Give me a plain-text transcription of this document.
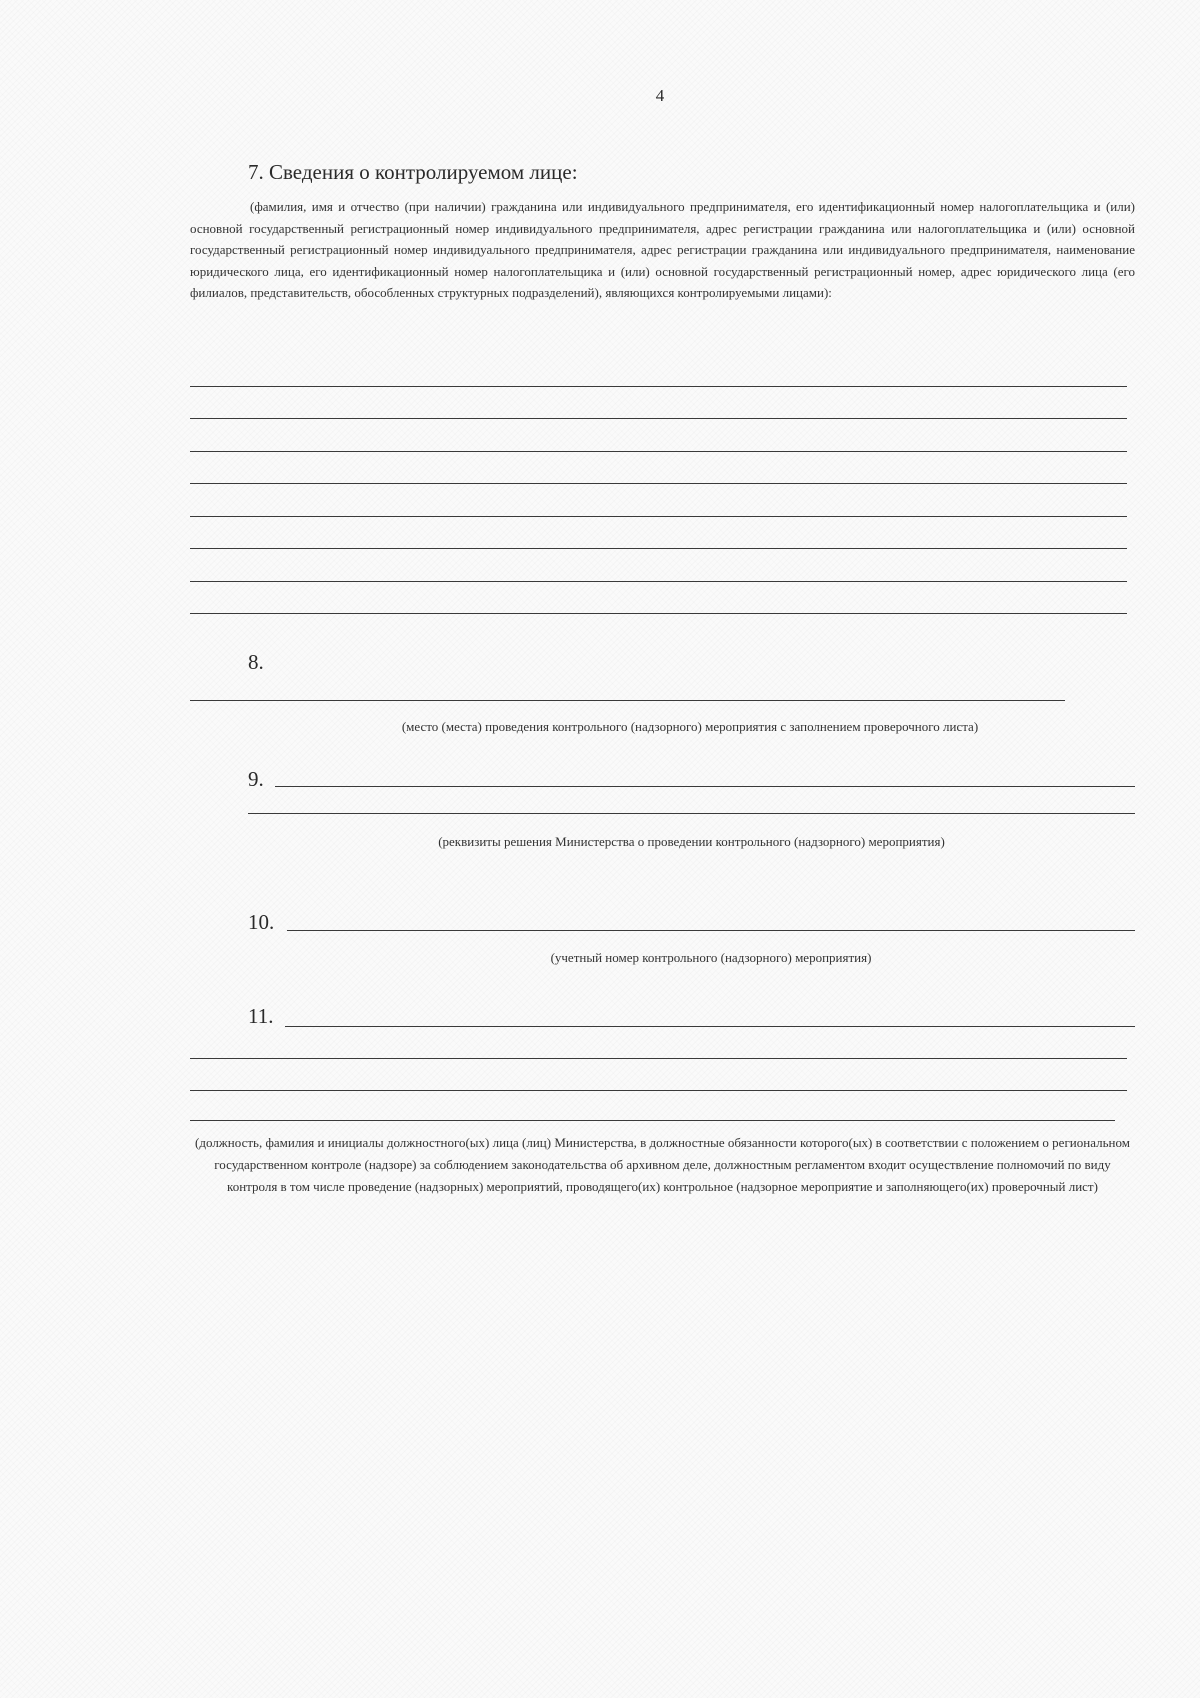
4
7. Сведения о контролируемом лице:
(фамилия, имя и отчество (при наличии) гражданина или индивидуального предпринимателя, его идентификационный номер налогоплательщика и (или) основной государственный регистрационный номер индивидуального предпринимателя, адрес регистрации гражданина или налогоплательщика и (или) основной государственный регистрационный номер индивидуального предпринимателя, адрес регистрации гражданина или индивидуального предпринимателя, наименование юридического лица, его идентификационный номер налогоплательщика и (или) основной государственный регистрационный номер, адрес юридического лица (его филиалов, представительств, обособленных структурных подразделений), являющихся контролируемыми лицами):
8.
(место (места) проведения контрольного (надзорного) мероприятия с заполнением проверочного листа)
9.
(реквизиты решения Министерства о проведении контрольного (надзорного) мероприятия)
10.
(учетный номер контрольного (надзорного) мероприятия)
11.
(должность, фамилия и инициалы должностного(ых) лица (лиц) Министерства, в должностные обязанности которого(ых) в соответствии с положением о региональном государственном контроле (надзоре) за соблюдением законодательства об архивном деле, должностным регламентом входит осуществление полномочий по виду контроля в том числе проведение (надзорных) мероприятий, проводящего(их) контрольное (надзорное мероприятие и заполняющего(их) проверочный лист)
